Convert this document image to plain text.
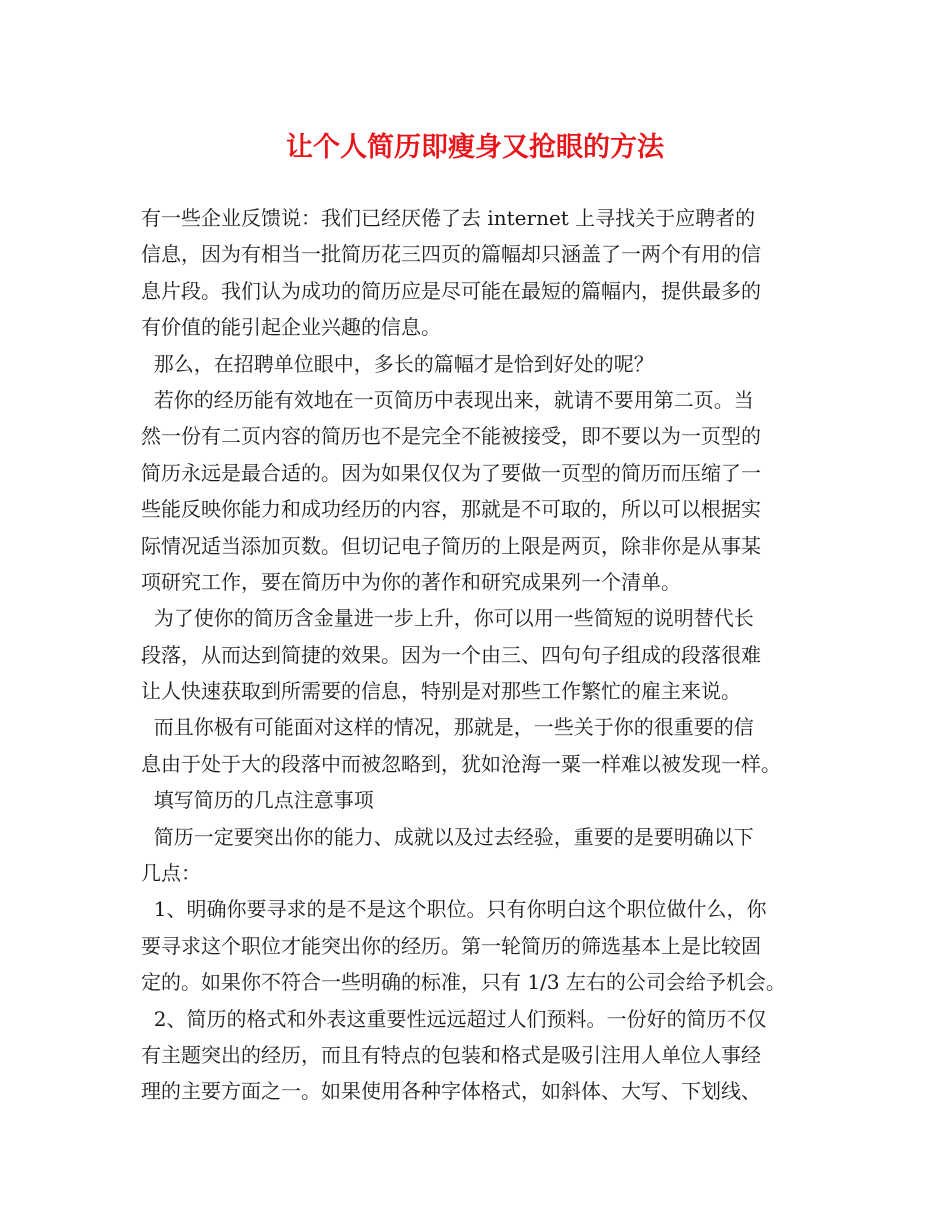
让个人简历即瘦身又抢眼的方法
有一些企业反馈说：我们已经厌倦了去 internet 上寻找关于应聘者的
信息，因为有相当一批简历花三四页的篇幅却只涵盖了一两个有用的信
息片段。我们认为成功的简历应是尽可能在最短的篇幅内，提供最多的
有价值的能引起企业兴趣的信息。
那么，在招聘单位眼中，多长的篇幅才是恰到好处的呢？
若你的经历能有效地在一页简历中表现出来，就请不要用第二页。当
然一份有二页内容的简历也不是完全不能被接受，即不要以为一页型的
简历永远是最合适的。因为如果仅仅为了要做一页型的简历而压缩了一
些能反映你能力和成功经历的内容，那就是不可取的，所以可以根据实
际情况适当添加页数。但切记电子简历的上限是两页，除非你是从事某
项研究工作，要在简历中为你的著作和研究成果列一个清单。
为了使你的简历含金量进一步上升，你可以用一些简短的说明替代长
段落，从而达到简捷的效果。因为一个由三、四句句子组成的段落很难
让人快速获取到所需要的信息，特别是对那些工作繁忙的雇主来说。
而且你极有可能面对这样的情况，那就是，一些关于你的很重要的信
息由于处于大的段落中而被忽略到，犹如沧海一粟一样难以被发现一样。
填写简历的几点注意事项
简历一定要突出你的能力、成就以及过去经验，重要的是要明确以下
几点：
1、明确你要寻求的是不是这个职位。只有你明白这个职位做什么，你
要寻求这个职位才能突出你的经历。第一轮简历的筛选基本上是比较固
定的。如果你不符合一些明确的标准，只有 1/3 左右的公司会给予机会。
2、简历的格式和外表这重要性远远超过人们预料。一份好的简历不仅
有主题突出的经历，而且有特点的包装和格式是吸引注用人单位人事经
理的主要方面之一。如果使用各种字体格式，如斜体、大写、下划线、
